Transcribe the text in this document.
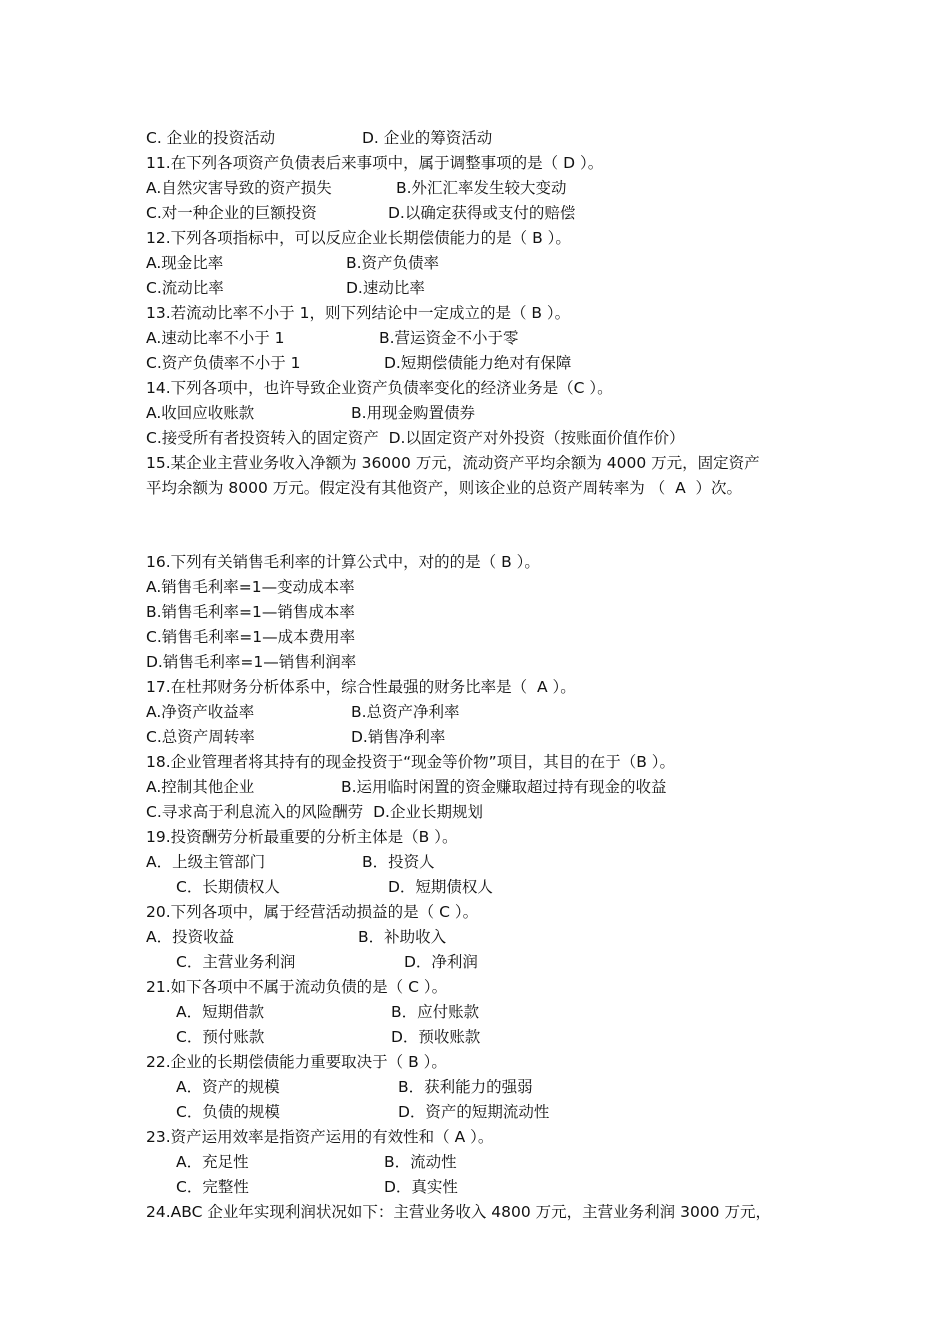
C. 企业的投资活动	D. 企业的筹资活动
11.在下列各项资产负债表后来事项中，属于调整事项的是（ D ）。
A.自然灾害导致的资产损失	B.外汇汇率发生较大变动
C.对一种企业的巨额投资	D.以确定获得或支付的赔偿
12.下列各项指标中，可以反应企业长期偿债能力的是（ B ）。
A.现金比率	B.资产负债率
C.流动比率	D.速动比率
13.若流动比率不小于 1，则下列结论中一定成立的是（ B ）。
A.速动比率不小于 1	B.营运资金不小于零
C.资产负债率不小于 1	D.短期偿债能力绝对有保障
14.下列各项中，也许导致企业资产负债率变化的经济业务是（C ）。
A.收回应收账款	B.用现金购置债券
C.接受所有者投资转入的固定资产  D.以固定资产对外投资（按账面价值作价）
15.某企业主营业务收入净额为 36000 万元，流动资产平均余额为 4000 万元，固定资产
平均余额为 8000 万元。假定没有其他资产，则该企业的总资产周转率为 （  A  ）次。
16.下列有关销售毛利率的计算公式中，对的的是（ B ）。
A.销售毛利率=1—变动成本率
B.销售毛利率=1—销售成本率
C.销售毛利率=1—成本费用率
D.销售毛利率=1—销售利润率
17.在杜邦财务分析体系中，综合性最强的财务比率是（  A ）。
A.净资产收益率	B.总资产净利率
C.总资产周转率	D.销售净利率
18.企业管理者将其持有的现金投资于“现金等价物”项目，其目的在于（B ）。
A.控制其他企业	B.运用临时闲置的资金赚取超过持有现金的收益
C.寻求高于利息流入的风险酬劳  D.企业长期规划
19.投资酬劳分析最重要的分析主体是（B ）。
A．上级主管部门	B．投资人
C．长期债权人	D．短期债权人
20.下列各项中，属于经营活动损益的是（ C ）。
A．投资收益	B．补助收入
C．主营业务利润	D．净利润
21.如下各项中不属于流动负债的是（ C ）。
A．短期借款	B．应付账款
C．预付账款	D．预收账款
22.企业的长期偿债能力重要取决于（ B ）。
A．资产的规模	B．获利能力的强弱
C．负债的规模	D．资产的短期流动性
23.资产运用效率是指资产运用的有效性和（ A ）。
A．充足性	B．流动性
C．完整性	D．真实性
24.ABC 企业年实现利润状况如下：主营业务收入 4800 万元，主营业务利润 3000 万元，
